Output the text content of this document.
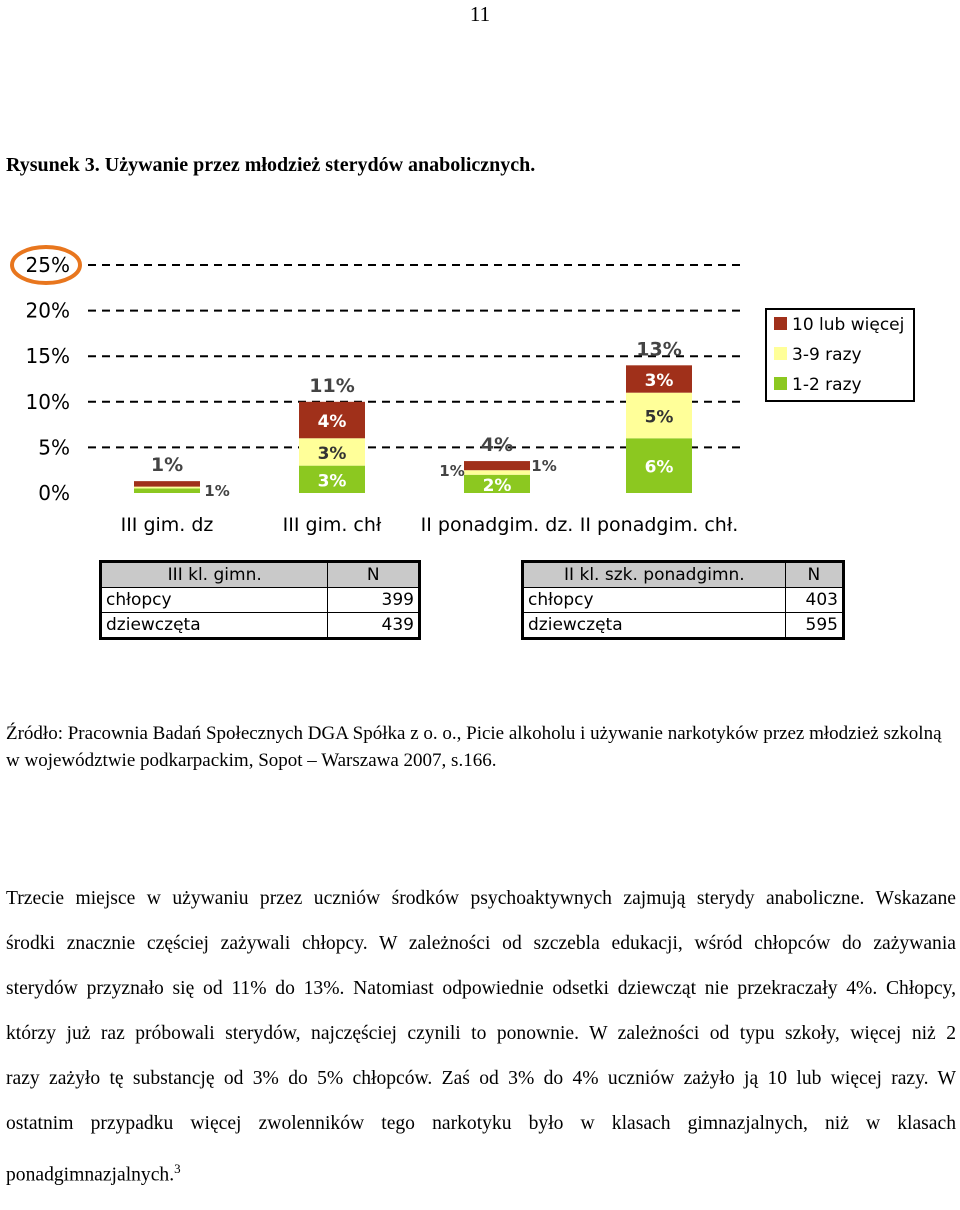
11
Rysunek 3. Używanie przez młodzież sterydów anabolicznych.
0%
5%
10%
15%
20%
25%
III gim. dz
1%
3%
3%
4%
III gim. chł
11%
2%
II ponadgim. dz.
4%
6%
5%
3%
II ponadgim. chł.
13%
1%
1%	1%
10 lub więcej
3-9 razy
1-2 razy
III kl. gimn.	N
chłopcy	399
dziewczęta	439
II kl. szk. ponadgimn.	N
chłopcy	403
dziewczęta	595
Źródło: Pracownia Badań Społecznych DGA Spółka z o. o., Picie alkoholu i używanie narkotyków przez młodzież szkolną w województwie podkarpackim, Sopot – Warszawa 2007, s.166.
Trzecie miejsce w używaniu przez uczniów środków psychoaktywnych zajmują sterydy anaboliczne. Wskazane środki znacznie częściej zażywali chłopcy. W zależności od szczebla edukacji, wśród chłopców do zażywania sterydów przyznało się od 11% do 13%. Natomiast odpowiednie odsetki dziewcząt nie przekraczały 4%. Chłopcy, którzy już raz próbowali sterydów, najczęściej czynili to ponownie. W zależności od typu szkoły, więcej niż 2 razy zażyło tę substancję od 3% do 5% chłopców. Zaś od 3% do 4% uczniów zażyło ją 10 lub więcej razy. W ostatnim przypadku więcej zwolenników tego narkotyku było w klasach gimnazjalnych, niż w klasach ponadgimnazjalnych.$^3$
